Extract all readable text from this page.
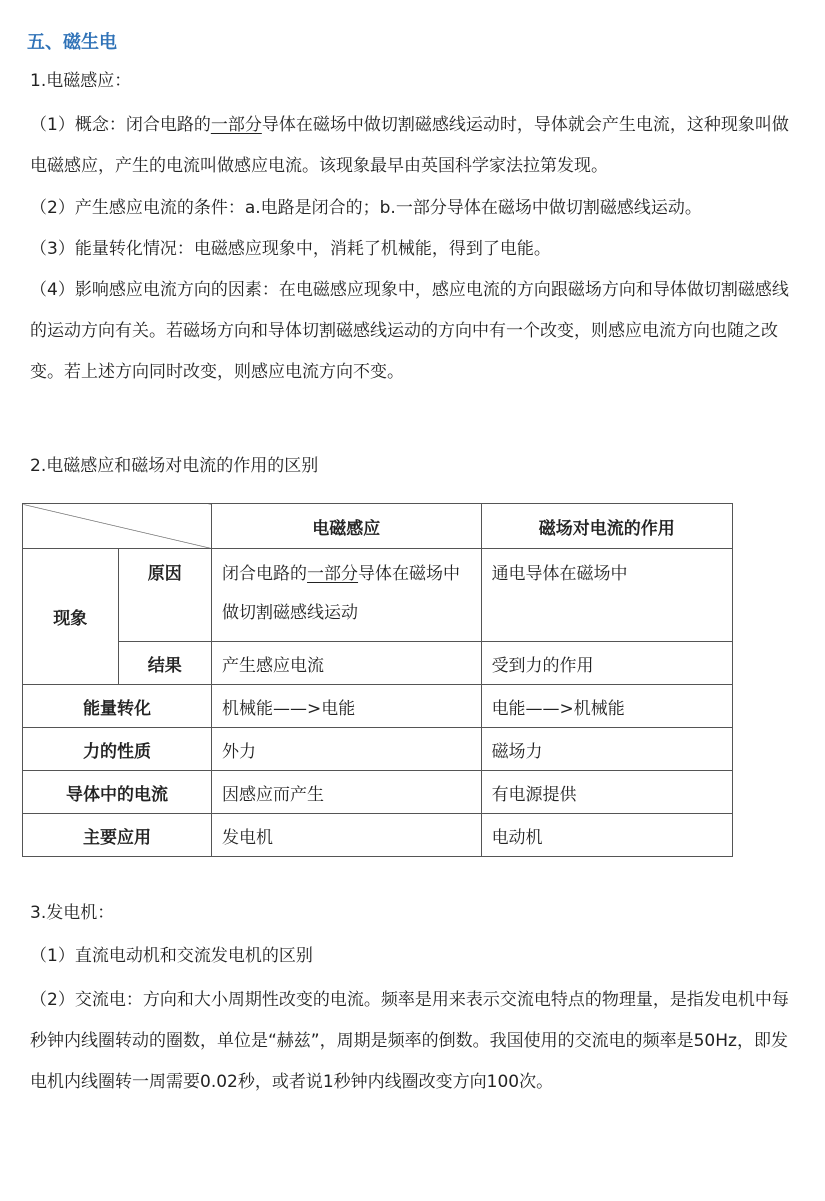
五、磁生电
1.电磁感应：
（1）概念：闭合电路的一部分导体在磁场中做切割磁感线运动时，导体就会产生电流，这种现象叫做电磁感应，产生的电流叫做感应电流。该现象最早由英国科学家法拉第发现。
（2）产生感应电流的条件：a.电路是闭合的；b.一部分导体在磁场中做切割磁感线运动。
（3）能量转化情况：电磁感应现象中，消耗了机械能，得到了电能。
（4）影响感应电流方向的因素：在电磁感应现象中，感应电流的方向跟磁场方向和导体做切割磁感线的运动方向有关。若磁场方向和导体切割磁感线运动的方向中有一个改变，则感应电流方向也随之改变。若上述方向同时改变，则感应电流方向不变。
2.电磁感应和磁场对电流的作用的区别
		电磁感应	磁场对电流的作用
现象	原因	闭合电路的一部分导体在磁场中做切割磁感线运动	通电导体在磁场中
	结果	产生感应电流	受到力的作用
能量转化		机械能——>电能	电能——>机械能
力的性质		外力	磁场力
导体中的电流		因感应而产生	有电源提供
主要应用		发电机	电动机
3.发电机：
（1）直流电动机和交流发电机的区别
（2）交流电：方向和大小周期性改变的电流。频率是用来表示交流电特点的物理量，是指发电机中每秒钟内线圈转动的圈数，单位是“赫兹”，周期是频率的倒数。我国使用的交流电的频率是50Hz，即发电机内线圈转一周需要0.02秒，或者说1秒钟内线圈改变方向100次。
